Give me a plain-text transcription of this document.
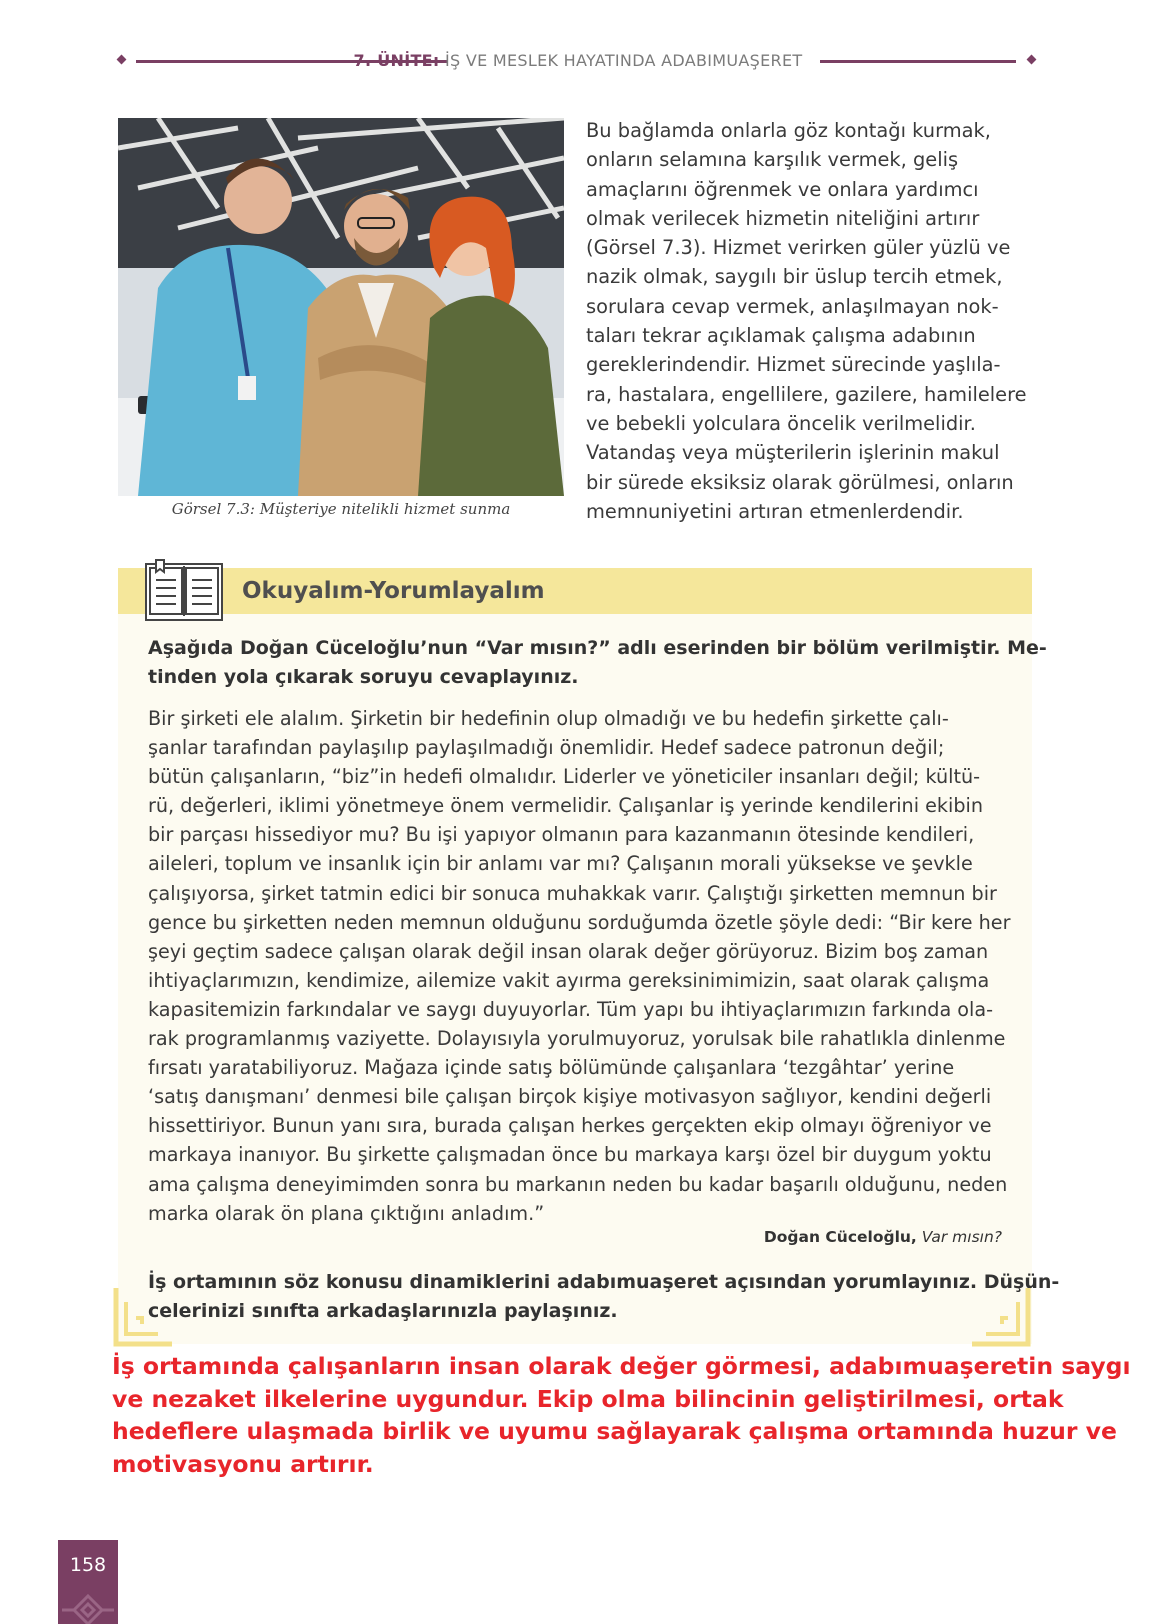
7. ÜNİTE: İŞ VE MESLEK HAYATINDA ADABIMUAŞERET
Görsel 7.3: Müşteriye nitelikli hizmet sunma
Bu bağlamda onlarla göz kontağı kurmak,
onların selamına karşılık vermek, geliş
amaçlarını öğrenmek ve onlara yardımcı
olmak verilecek hizmetin niteliğini artırır
(Görsel 7.3). Hizmet verirken güler yüzlü ve
nazik olmak, saygılı bir üslup tercih etmek,
sorulara cevap vermek, anlaşılmayan nok-
taları tekrar açıklamak çalışma adabının
gereklerindendir. Hizmet sürecinde yaşlıla-
ra, hastalara, engellilere, gazilere, hamilelere
ve bebekli yolculara öncelik verilmelidir.
Vatandaş veya müşterilerin işlerinin makul
bir sürede eksiksiz olarak görülmesi, onların
memnuniyetini artıran etmenlerdendir.
Okuyalım-Yorumlayalım
Aşağıda Doğan Cüceloğlu’nun “Var mısın?” adlı eserinden bir bölüm verilmiştir. Me-
tinden yola çıkarak soruyu cevaplayınız.
Bir şirketi ele alalım. Şirketin bir hedefinin olup olmadığı ve bu hedefin şirkette çalı-
şanlar tarafından paylaşılıp paylaşılmadığı önemlidir. Hedef sadece patronun değil;
bütün çalışanların, “biz”in hedefi olmalıdır. Liderler ve yöneticiler insanları değil; kültü-
rü, değerleri, iklimi yönetmeye önem vermelidir. Çalışanlar iş yerinde kendilerini ekibin
bir parçası hissediyor mu? Bu işi yapıyor olmanın para kazanmanın ötesinde kendileri,
aileleri, toplum ve insanlık için bir anlamı var mı? Çalışanın morali yüksekse ve şevkle
çalışıyorsa, şirket tatmin edici bir sonuca muhakkak varır. Çalıştığı şirketten memnun bir
gence bu şirketten neden memnun olduğunu sorduğumda özetle şöyle dedi: “Bir kere her
şeyi geçtim sadece çalışan olarak değil insan olarak değer görüyoruz. Bizim boş zaman
ihtiyaçlarımızın, kendimize, ailemize vakit ayırma gereksinimimizin, saat olarak çalışma
kapasitemizin farkındalar ve saygı duyuyorlar. Tüm yapı bu ihtiyaçlarımızın farkında ola-
rak programlanmış vaziyette. Dolayısıyla yorulmuyoruz, yorulsak bile rahatlıkla dinlenme
fırsatı yaratabiliyoruz. Mağaza içinde satış bölümünde çalışanlara ‘tezgâhtar’ yerine
‘satış danışmanı’ denmesi bile çalışan birçok kişiye motivasyon sağlıyor, kendini değerli
hissettiriyor. Bunun yanı sıra, burada çalışan herkes gerçekten ekip olmayı öğreniyor ve
markaya inanıyor. Bu şirkette çalışmadan önce bu markaya karşı özel bir duygum yoktu
ama çalışma deneyimimden sonra bu markanın neden bu kadar başarılı olduğunu, neden
marka olarak ön plana çıktığını anladım.”
Doğan Cüceloğlu, Var mısın?
İş ortamının söz konusu dinamiklerini adabımuaşeret açısından yorumlayınız. Düşün-
celerinizi sınıfta arkadaşlarınızla paylaşınız.
İş ortamında çalışanların insan olarak değer görmesi, adabımuaşeretin saygı
ve nezaket ilkelerine uygundur. Ekip olma bilincinin geliştirilmesi, ortak
hedeflere ulaşmada birlik ve uyumu sağlayarak çalışma ortamında huzur ve
motivasyonu artırır.
158
